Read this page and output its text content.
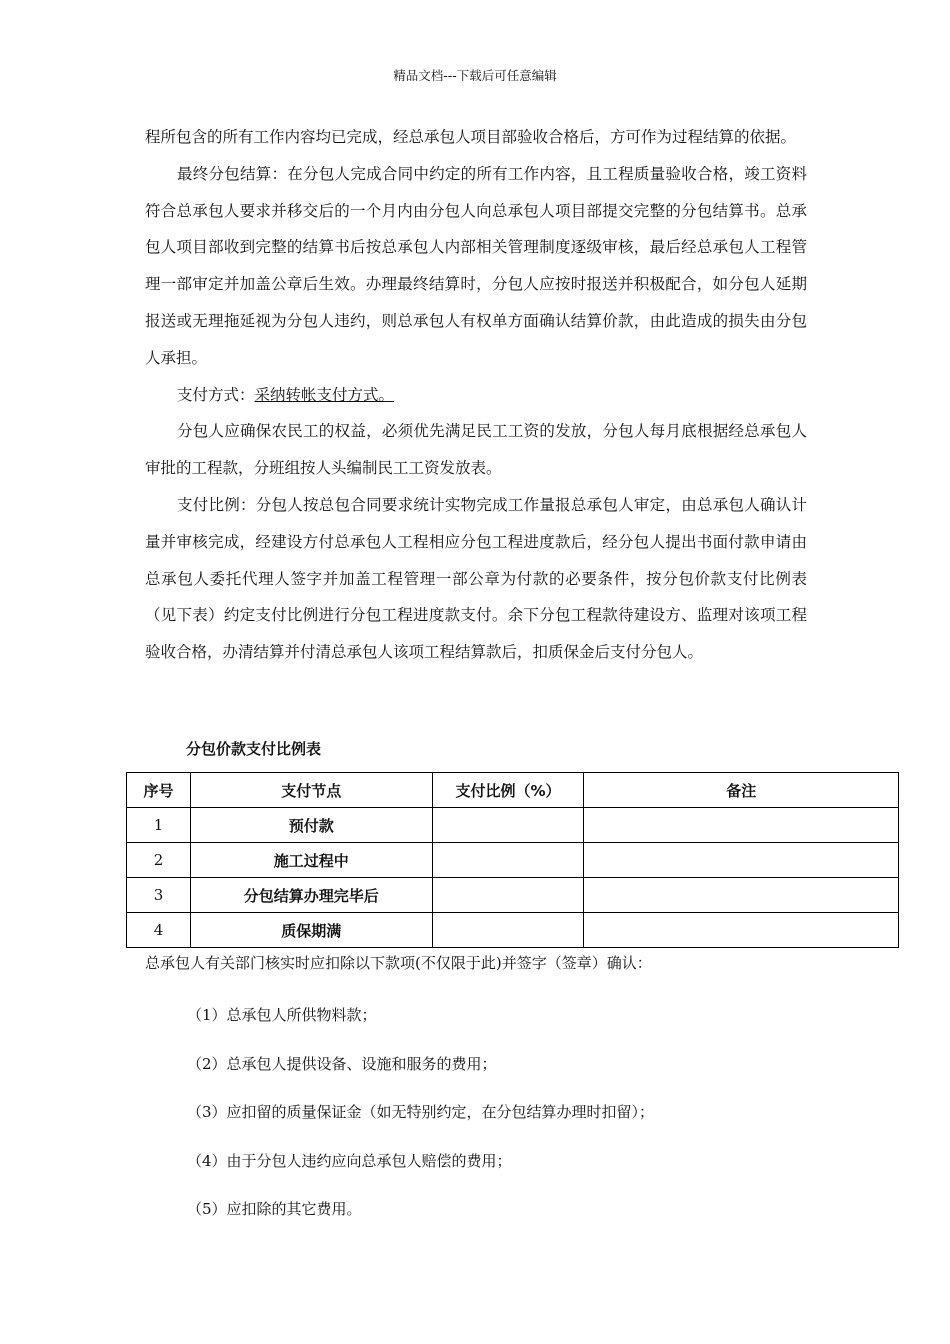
精品文档---下载后可任意编辑

程所包含的所有工作内容均已完成，经总承包人项目部验收合格后，方可作为过程结算的依据。

最终分包结算：在分包人完成合同中约定的所有工作内容，且工程质量验收合格，竣工资料符合总承包人要求并移交后的一个月内由分包人向总承包人项目部提交完整的分包结算书。总承包人项目部收到完整的结算书后按总承包人内部相关管理制度逐级审核，最后经总承包人工程管理一部审定并加盖公章后生效。办理最终结算时，分包人应按时报送并积极配合，如分包人延期报送或无理拖延视为分包人违约，则总承包人有权单方面确认结算价款，由此造成的损失由分包人承担。

支付方式：采纳转帐支付方式。

分包人应确保农民工的权益，必须优先满足民工工资的发放，分包人每月底根据经总承包人审批的工程款，分班组按人头编制民工工资发放表。

支付比例：分包人按总包合同要求统计实物完成工作量报总承包人审定，由总承包人确认计量并审核完成，经建设方付总承包人工程相应分包工程进度款后，经分包人提出书面付款申请由总承包人委托代理人签字并加盖工程管理一部公章为付款的必要条件，按分包价款支付比例表（见下表）约定支付比例进行分包工程进度款支付。余下分包工程款待建设方、监理对该项工程验收合格，办清结算并付清总承包人该项工程结算款后，扣质保金后支付分包人。

分包价款支付比例表
序号	支付节点	支付比例（%）	备注
1	预付款		
2	施工过程中		
3	分包结算办理完毕后		
4	质保期满		
总承包人有关部门核实时应扣除以下款项(不仅限于此)并签字（签章）确认：
（1）总承包人所供物料款；
（2）总承包人提供设备、设施和服务的费用；
（3）应扣留的质量保证金（如无特别约定，在分包结算办理时扣留）；
（4）由于分包人违约应向总承包人赔偿的费用；
（5）应扣除的其它费用。
